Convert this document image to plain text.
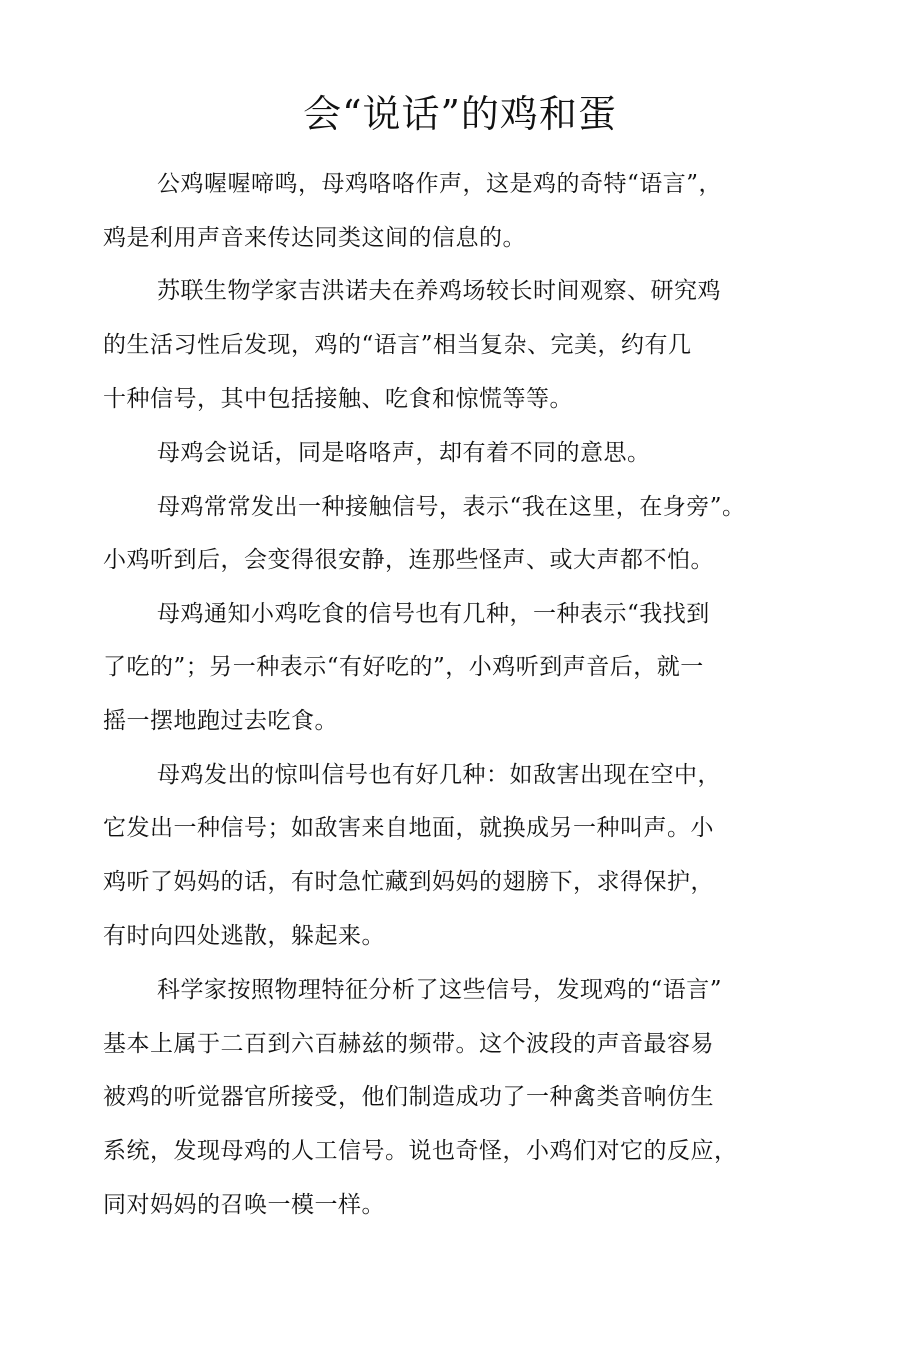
会“说话”的鸡和蛋
公鸡喔喔啼鸣，母鸡咯咯作声，这是鸡的奇特“语言”，
鸡是利用声音来传达同类这间的信息的。
苏联生物学家吉洪诺夫在养鸡场较长时间观察、研究鸡
的生活习性后发现，鸡的“语言”相当复杂、完美，约有几
十种信号，其中包括接触、吃食和惊慌等等。
母鸡会说话，同是咯咯声，却有着不同的意思。
母鸡常常发出一种接触信号，表示“我在这里，在身旁”。
小鸡听到后，会变得很安静，连那些怪声、或大声都不怕。
母鸡通知小鸡吃食的信号也有几种，一种表示“我找到
了吃的”；另一种表示“有好吃的”，小鸡听到声音后，就一
摇一摆地跑过去吃食。
母鸡发出的惊叫信号也有好几种：如敌害出现在空中，
它发出一种信号；如敌害来自地面，就换成另一种叫声。小
鸡听了妈妈的话，有时急忙藏到妈妈的翅膀下，求得保护，
有时向四处逃散，躲起来。
科学家按照物理特征分析了这些信号，发现鸡的“语言”
基本上属于二百到六百赫兹的频带。这个波段的声音最容易
被鸡的听觉器官所接受，他们制造成功了一种禽类音响仿生
系统，发现母鸡的人工信号。说也奇怪，小鸡们对它的反应，
同对妈妈的召唤一模一样。
